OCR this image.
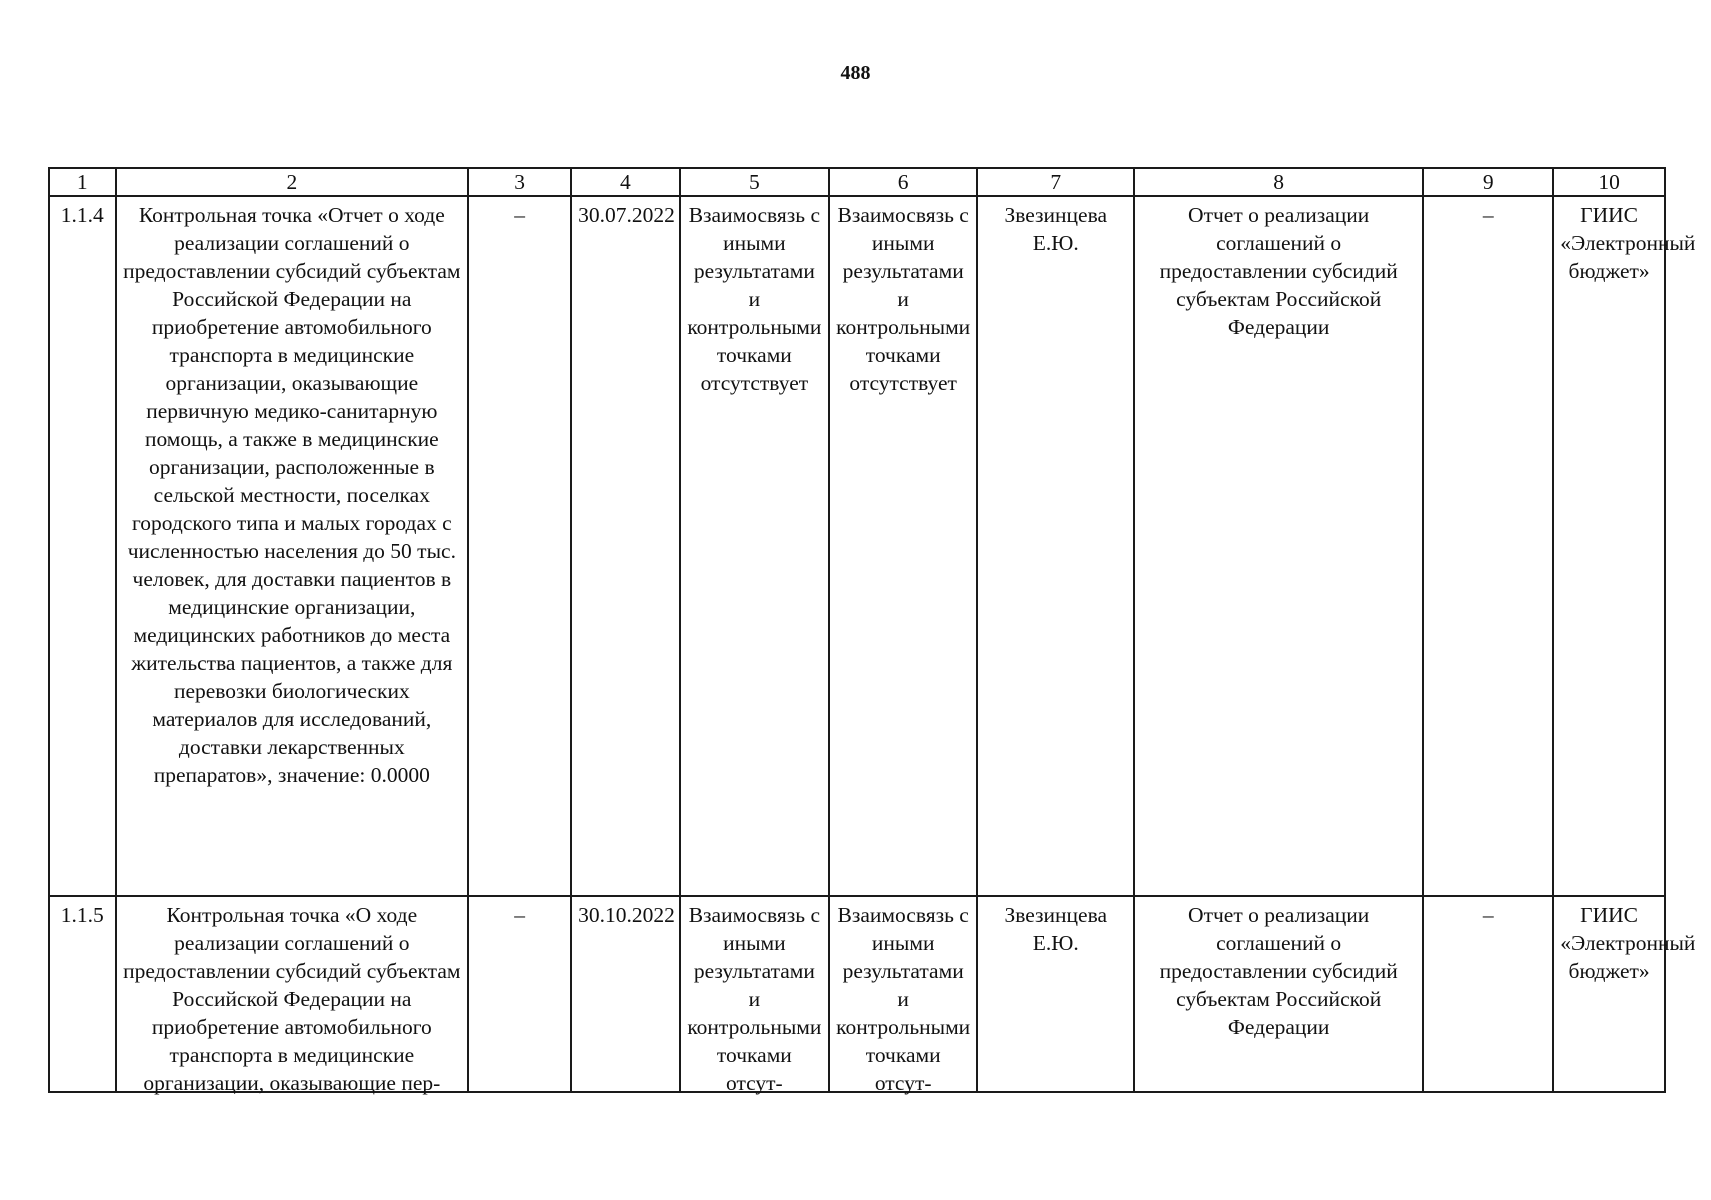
488
1	2	3	4	5	6	7	8	9	10
1.1.4	Контрольная точка «Отчет о ходе реализации соглашений о предоставлении субсидий субъектам Российской Федерации на приобретение автомобильного транспорта в медицинские организации, оказывающие первичную медико-санитарную помощь, а также в медицинские организации, расположенные в сельской местности, поселках городского типа и малых городах с численностью населения до 50 тыс. человек, для доставки пациентов в медицинские организации, медицинских работников до места жительства пациентов, а также для перевозки биологических материалов для исследований, доставки лекарственных препаратов», значение: 0.0000	–	30.07.2022	Взаимосвязь с иными результатами и контрольными точками отсутствует	Взаимосвязь с иными результатами и контрольными точками отсутствует	Звезинцева Е.Ю.	Отчет о реализации соглашений о предоставлении субсидий субъектам Российской Федерации	–	ГИИС «Электронный бюджет»

1.1.5	Контрольная точка «О ходе реализации соглашений о предоставлении субсидий субъектам Российской Федерации на приобретение автомобильного транспорта в медицинские организации, оказывающие пер-	–	30.10.2022	Взаимосвязь с иными результатами и контрольными точками отсут-	Взаимосвязь с иными результатами и контрольными точками отсут-	Звезинцева Е.Ю.	Отчет о реализации соглашений о предоставлении субсидий субъектам Российской Федерации	–	ГИИС «Электронный бюджет»
